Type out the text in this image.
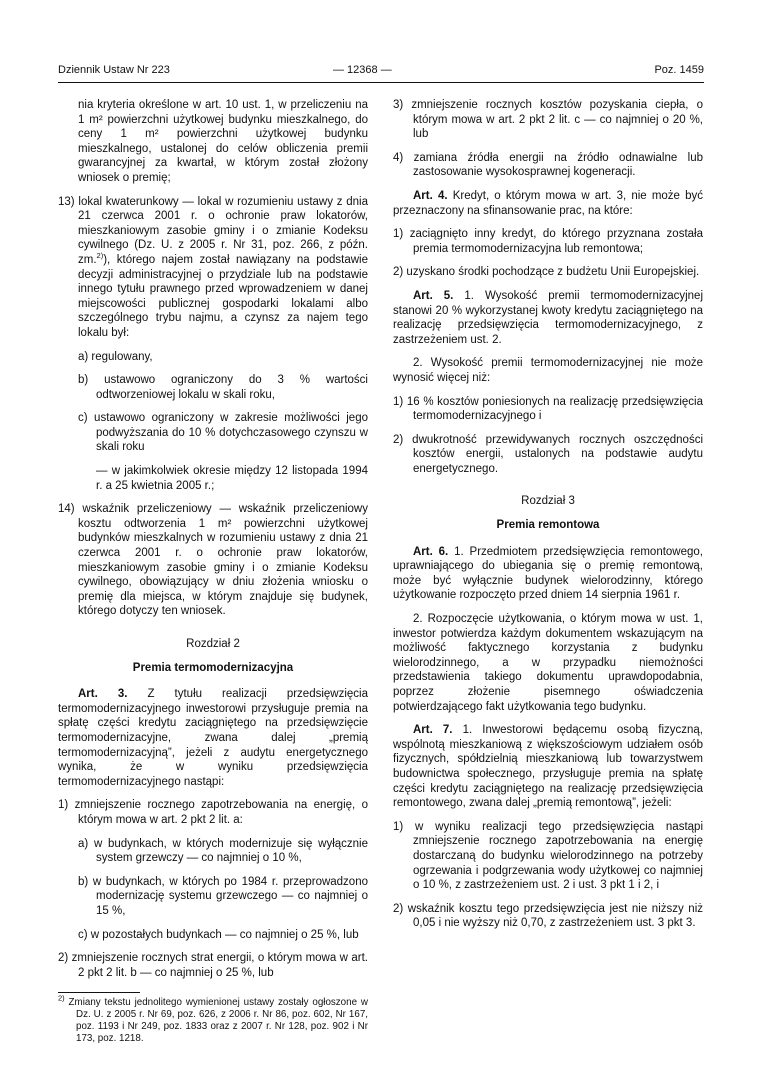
Dziennik Ustaw Nr 223	— 12368 —	Poz. 1459

nia kryteria określone w art. 10 ust. 1, w przeliczeniu na 1 m² powierzchni użytkowej budynku mieszkalnego, do ceny 1 m² powierzchni użytkowej budynku mieszkalnego, ustalonej do celów obliczenia premii gwarancyjnej za kwartał, w którym został złożony wniosek o premię;

13) lokal kwaterunkowy — lokal w rozumieniu ustawy z dnia 21 czerwca 2001 r. o ochronie praw lokatorów, mieszkaniowym zasobie gminy i o zmianie Kodeksu cywilnego (Dz. U. z 2005 r. Nr 31, poz. 266, z późn. zm.$^{2)}$), którego najem został nawiązany na podstawie decyzji administracyjnej o przydziale lub na podstawie innego tytułu prawnego przed wprowadzeniem w danej miejscowości publicznej gospodarki lokalami albo szczególnego trybu najmu, a czynsz za najem tego lokalu był:

a) regulowany,

b) ustawowo ograniczony do 3 % wartości odtworzeniowej lokalu w skali roku,

c) ustawowo ograniczony w zakresie możliwości jego podwyższania do 10 % dotychczasowego czynszu w skali roku

— w jakimkolwiek okresie między 12 listopada 1994 r. a 25 kwietnia 2005 r.;

14) wskaźnik przeliczeniowy — wskaźnik przeliczeniowy kosztu odtworzenia 1 m² powierzchni użytkowej budynków mieszkalnych w rozumieniu ustawy z dnia 21 czerwca 2001 r. o ochronie praw lokatorów, mieszkaniowym zasobie gminy i o zmianie Kodeksu cywilnego, obowiązujący w dniu złożenia wniosku o premię dla miejsca, w którym znajduje się budynek, którego dotyczy ten wniosek.

Rozdział 2

Premia termomodernizacyjna

Art. 3. Z tytułu realizacji przedsięwzięcia termomodernizacyjnego inwestorowi przysługuje premia na spłatę części kredytu zaciągniętego na przedsięwzięcie termomodernizacyjne, zwana dalej „premią termomodernizacyjną”, jeżeli z audytu energetycznego wynika, że w wyniku przedsięwzięcia termomodernizacyjnego nastąpi:

1) zmniejszenie rocznego zapotrzebowania na energię, o którym mowa w art. 2 pkt 2 lit. a:

a) w budynkach, w których modernizuje się wyłącznie system grzewczy — co najmniej o 10 %,

b) w budynkach, w których po 1984 r. przeprowadzono modernizację systemu grzewczego — co najmniej o 15 %,

c) w pozostałych budynkach — co najmniej o 25 %, lub

2) zmniejszenie rocznych strat energii, o którym mowa w art. 2 pkt 2 lit. b — co najmniej o 25 %, lub

$^{2)}$ Zmiany tekstu jednolitego wymienionej ustawy zostały ogłoszone w Dz. U. z 2005 r. Nr 69, poz. 626, z 2006 r. Nr 86, poz. 602, Nr 167, poz. 1193 i Nr 249, poz. 1833 oraz z 2007 r. Nr 128, poz. 902 i Nr 173, poz. 1218.

3) zmniejszenie rocznych kosztów pozyskania ciepła, o którym mowa w art. 2 pkt 2 lit. c — co najmniej o 20 %, lub

4) zamiana źródła energii na źródło odnawialne lub zastosowanie wysokosprawnej kogeneracji.

Art. 4. Kredyt, o którym mowa w art. 3, nie może być przeznaczony na sfinansowanie prac, na które:

1) zaciągnięto inny kredyt, do którego przyznana została premia termomodernizacyjna lub remontowa;

2) uzyskano środki pochodzące z budżetu Unii Europejskiej.

Art. 5. 1. Wysokość premii termomodernizacyjnej stanowi 20 % wykorzystanej kwoty kredytu zaciągniętego na realizację przedsięwzięcia termomodernizacyjnego, z zastrzeżeniem ust. 2.

2. Wysokość premii termomodernizacyjnej nie może wynosić więcej niż:

1) 16 % kosztów poniesionych na realizację przedsięwzięcia termomodernizacyjnego i

2) dwukrotność przewidywanych rocznych oszczędności kosztów energii, ustalonych na podstawie audytu energetycznego.

Rozdział 3

Premia remontowa

Art. 6. 1. Przedmiotem przedsięwzięcia remontowego, uprawniającego do ubiegania się o premię remontową, może być wyłącznie budynek wielorodzinny, którego użytkowanie rozpoczęto przed dniem 14 sierpnia 1961 r.

2. Rozpoczęcie użytkowania, o którym mowa w ust. 1, inwestor potwierdza każdym dokumentem wskazującym na możliwość faktycznego korzystania z budynku wielorodzinnego, a w przypadku niemożności przedstawienia takiego dokumentu uprawdopodabnia, poprzez złożenie pisemnego oświadczenia potwierdzającego fakt użytkowania tego budynku.

Art. 7. 1. Inwestorowi będącemu osobą fizyczną, wspólnotą mieszkaniową z większościowym udziałem osób fizycznych, spółdzielnią mieszkaniową lub towarzystwem budownictwa społecznego, przysługuje premia na spłatę części kredytu zaciągniętego na realizację przedsięwzięcia remontowego, zwana dalej „premią remontową”, jeżeli:

1) w wyniku realizacji tego przedsięwzięcia nastąpi zmniejszenie rocznego zapotrzebowania na energię dostarczaną do budynku wielorodzinnego na potrzeby ogrzewania i podgrzewania wody użytkowej co najmniej o 10 %, z zastrzeżeniem ust. 2 i ust. 3 pkt 1 i 2, i

2) wskaźnik kosztu tego przedsięwzięcia jest nie niższy niż 0,05 i nie wyższy niż 0,70, z zastrzeżeniem ust. 3 pkt 3.
